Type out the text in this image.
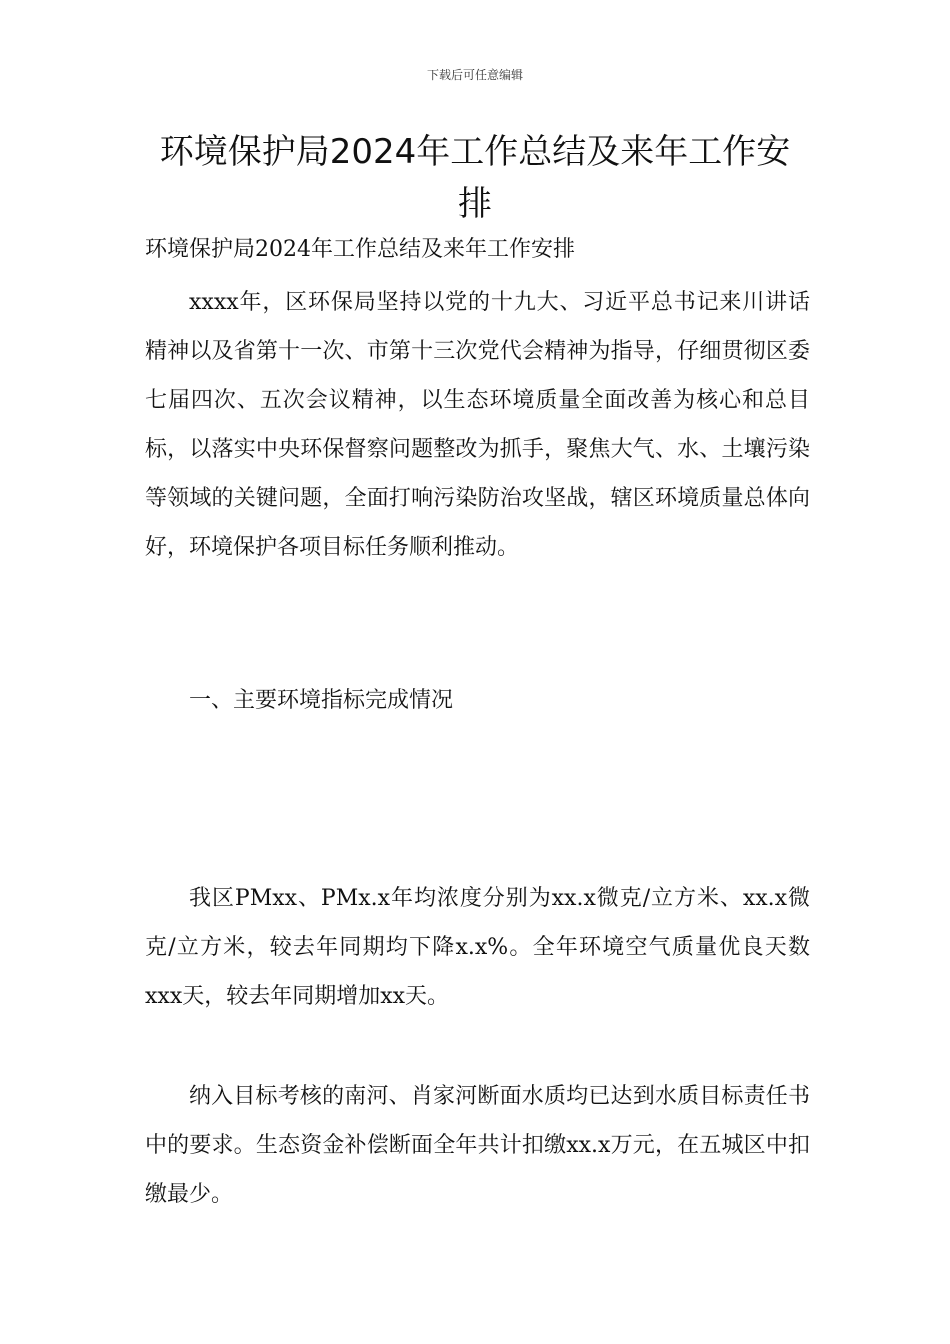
下载后可任意编辑
环境保护局2024年工作总结及来年工作安排
环境保护局2024年工作总结及来年工作安排
xxxx年，区环保局坚持以党的十九大、习近平总书记来川讲话精神以及省第十一次、市第十三次党代会精神为指导，仔细贯彻区委七届四次、五次会议精神，以生态环境质量全面改善为核心和总目标，以落实中央环保督察问题整改为抓手，聚焦大气、水、土壤污染等领域的关键问题，全面打响污染防治攻坚战，辖区环境质量总体向好，环境保护各项目标任务顺利推动。
一、主要环境指标完成情况
我区PMxx、PMx.x年均浓度分别为xx.x微克/立方米、xx.x微克/立方米，较去年同期均下降x.x%。全年环境空气质量优良天数xxx天，较去年同期增加xx天。
纳入目标考核的南河、肖家河断面水质均已达到水质目标责任书中的要求。生态资金补偿断面全年共计扣缴xx.x万元，在五城区中扣缴最少。
